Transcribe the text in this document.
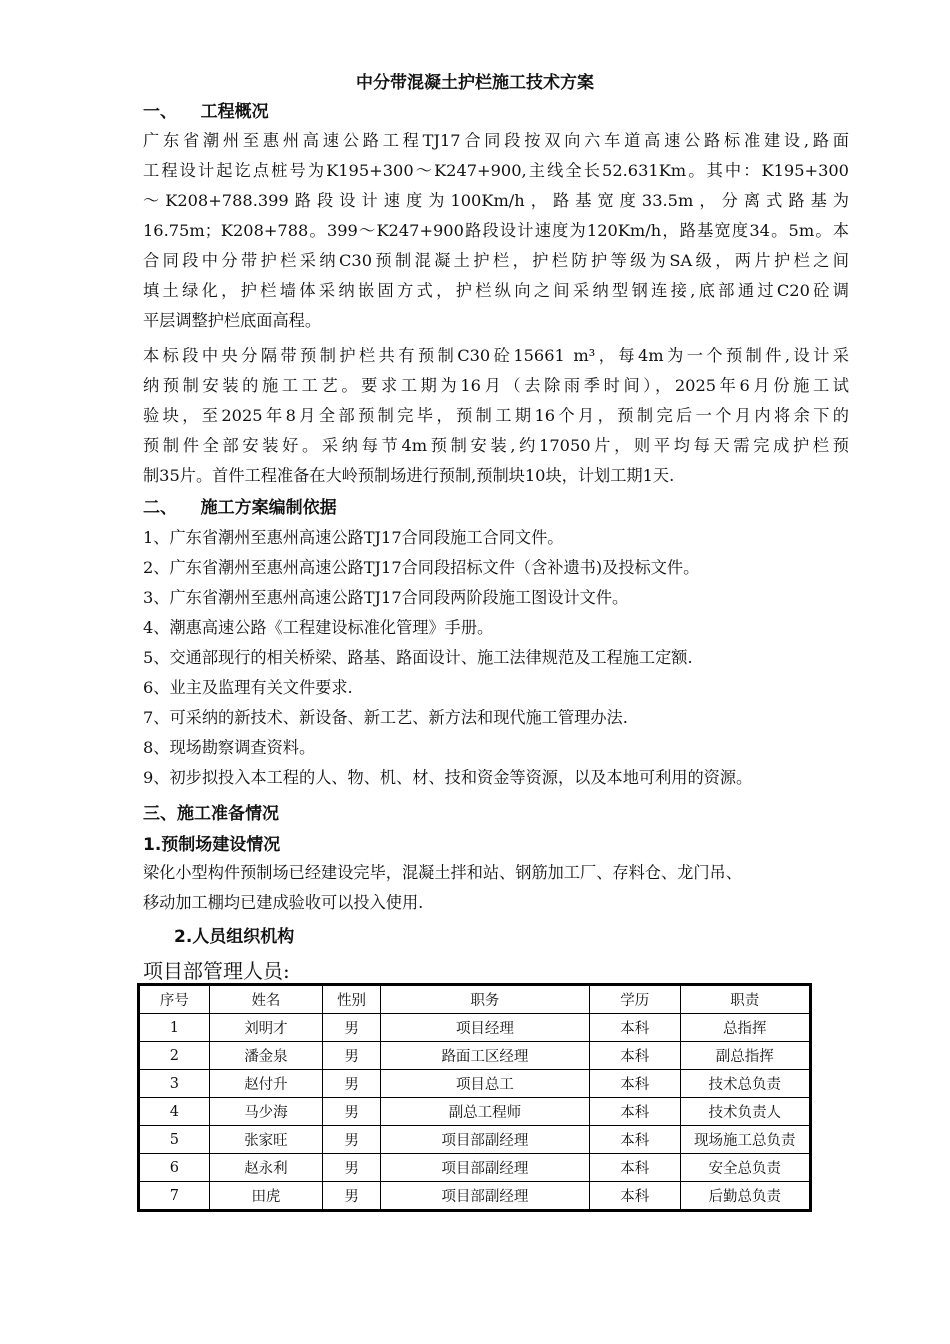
中分带混凝土护栏施工技术方案
一、    工程概况

广东省潮州至惠州高速公路工程TJ17合同段按双向六车道高速公路标准建设,路面

工程设计起讫点桩号为K195+300～K247+900,主线全长52.631Km。其中：K195+300

～K208+788.399路段设计速度为100Km/h，路基宽度33.5m，分离式路基为

16.75m；K208+788。399～K247+900路段设计速度为120Km/h，路基宽度34。5m。本

合同段中分带护栏采纳C30预制混凝土护栏，护栏防护等级为SA级，两片护栏之间

填土绿化，护栏墙体采纳嵌固方式，护栏纵向之间采纳型钢连接,底部通过C20砼调

平层调整护栏底面高程。

本标段中央分隔带预制护栏共有预制C30砼15661 m³，每4m为一个预制件,设计采

纳预制安装的施工工艺。要求工期为16月（去除雨季时间），2025年6月份施工试

验块，至2025年8月全部预制完毕，预制工期16个月，预制完后一个月内将余下的

预制件全部安装好。采纳每节4m预制安装,约17050片，则平均每天需完成护栏预

制35片。首件工程准备在大岭预制场进行预制,预制块10块，计划工期1天.

二、    施工方案编制依据
1、广东省潮州至惠州高速公路TJ17合同段施工合同文件。
2、广东省潮州至惠州高速公路TJ17合同段招标文件（含补遗书)及投标文件。
3、广东省潮州至惠州高速公路TJ17合同段两阶段施工图设计文件。
4、潮惠高速公路《工程建设标准化管理》手册。
5、交通部现行的相关桥梁、路基、路面设计、施工法律规范及工程施工定额.
6、业主及监理有关文件要求.
7、可采纳的新技术、新设备、新工艺、新方法和现代施工管理办法.
8、现场勘察调查资料。
9、初步拟投入本工程的人、物、机、材、技和资金等资源，以及本地可利用的资源。
三、施工准备情况
1.预制场建设情况

梁化小型构件预制场已经建设完毕，混凝土拌和站、钢筋加工厂、存料仓、龙门吊、

移动加工棚均已建成验收可以投入使用.

2.人员组织机构
项目部管理人员:
序号	姓名	性别	职务	学历	职责
1	刘明才	男	项目经理	本科	总指挥
2	潘金泉	男	路面工区经理	本科	副总指挥
3	赵付升	男	项目总工	本科	技术总负责
4	马少海	男	副总工程师	本科	技术负责人
5	张家旺	男	项目部副经理	本科	现场施工总负责
6	赵永利	男	项目部副经理	本科	安全总负责
7	田虎	男	项目部副经理	本科	后勤总负责
